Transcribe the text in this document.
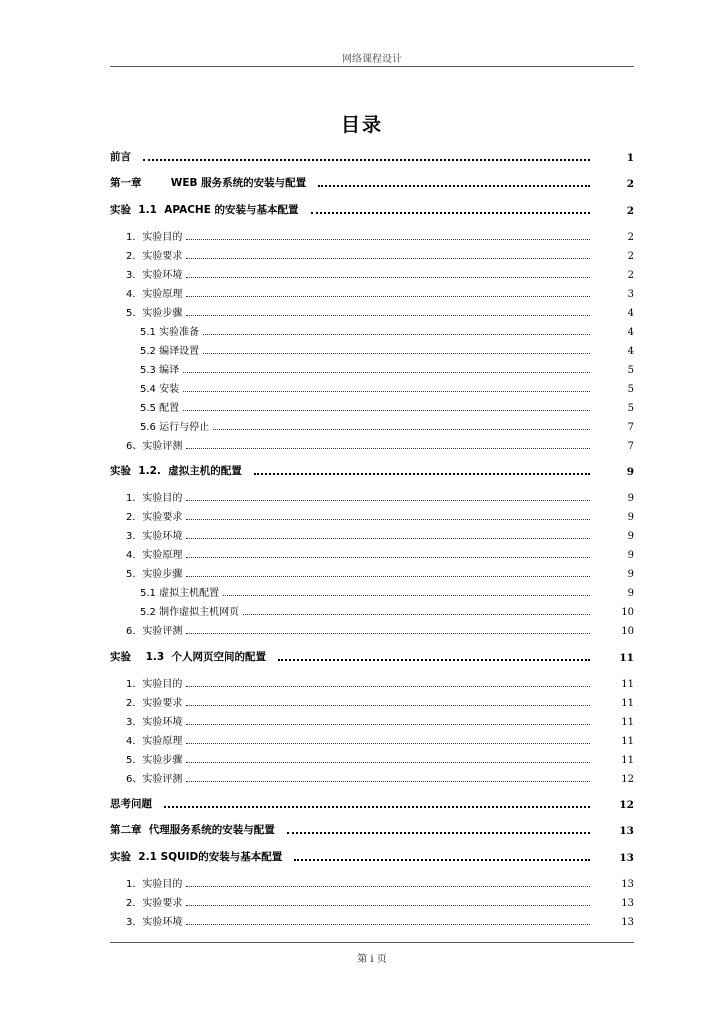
网络课程设计
目录
前言	1
第一章        WEB 服务系统的安装与配置	2
实验  1.1  APACHE 的安装与基本配置	2
1．实验目的	2
2．实验要求	2
3．实验环境	2
4．实验原理	3
5．实验步骤	4
5.1 实验准备	4
5.2 编译设置	4
5.3 编译	5
5.4 安装	5
5.5 配置	5
5.6 运行与停止	7
6、实验评测	7
实验  1.2.  虚拟主机的配置	9
1．实验目的	9
2．实验要求	9
3．实验环境	9
4．实验原理	9
5．实验步骤	9
5.1 虚拟主机配置	9
5.2 制作虚拟主机网页	10
6．实验评测	10
实验    1.3  个人网页空间的配置	11
1．实验目的	11
2．实验要求	11
3．实验环境	11
4．实验原理	11
5．实验步骤	11
6、实验评测	12
思考问题	12
第二章  代理服务系统的安装与配置	13
实验  2.1 SQUID的安装与基本配置	13
1．实验目的	13
2．实验要求	13
3．实验环境	13
第 i 页
